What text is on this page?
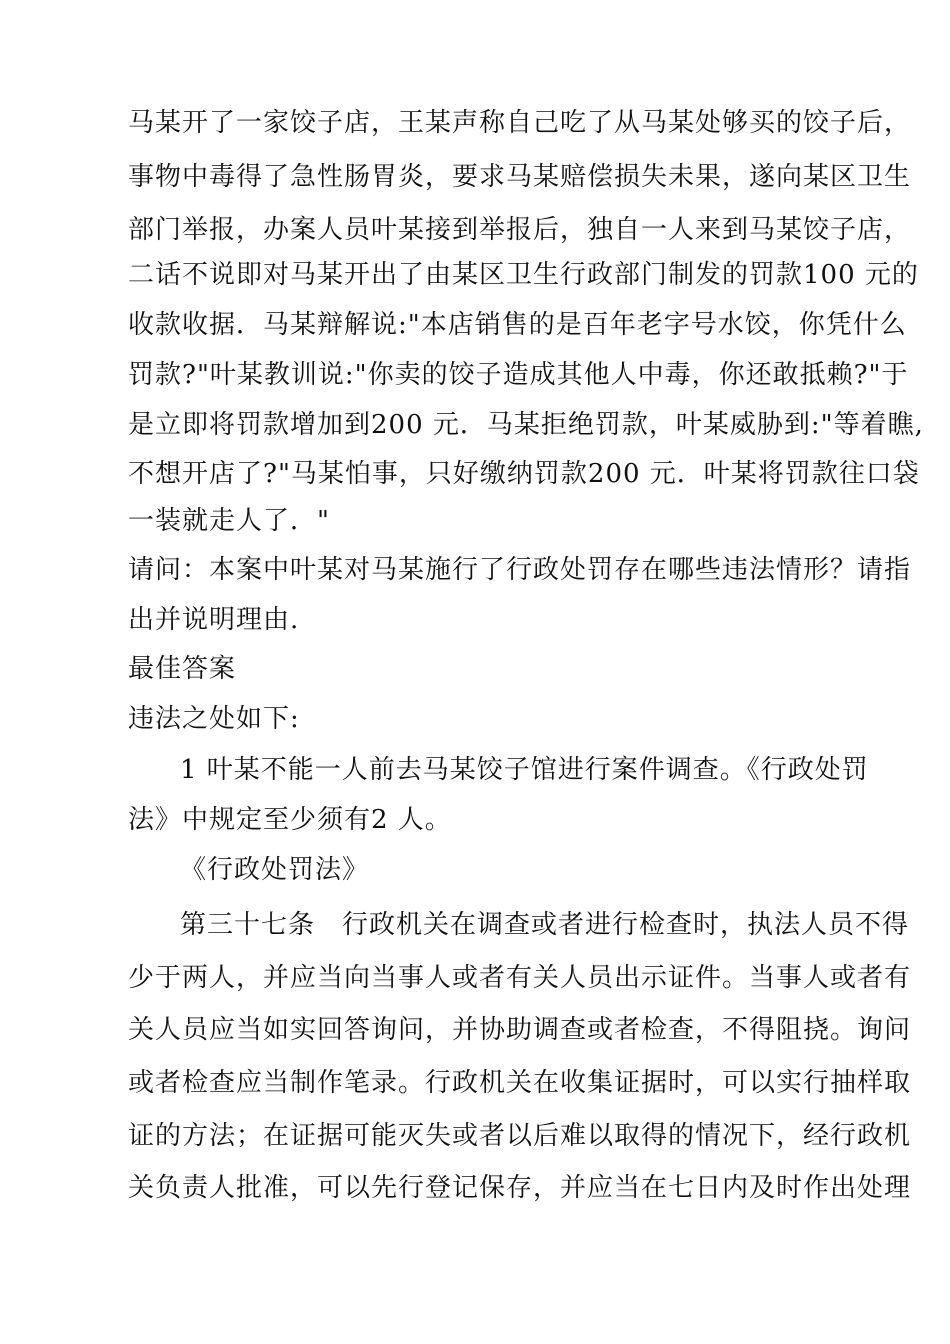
马某开了一家饺子店，王某声称自己吃了从马某处够买的饺子后，
事物中毒得了急性肠胃炎，要求马某赔偿损失未果，遂向某区卫生
部门举报，办案人员叶某接到举报后，独自一人来到马某饺子店，
二话不说即对马某开出了由某区卫生行政部门制发的罚款100 元的
收款收据．马某辩解说:"本店销售的是百年老字号水饺，你凭什么
罚款?"叶某教训说:"你卖的饺子造成其他人中毒，你还敢抵赖?"于
是立即将罚款增加到200 元．马某拒绝罚款，叶某威胁到:"等着瞧,
不想开店了?"马某怕事，只好缴纳罚款200 元．叶某将罚款往口袋
一装就走人了．"
请问：本案中叶某对马某施行了行政处罚存在哪些违法情形？请指
出并说明理由.
最佳答案
违法之处如下:
1 叶某不能一人前去马某饺子馆进行案件调查。《行政处罚
法》中规定至少须有2 人。
《行政处罚法》
第三十七条　行政机关在调查或者进行检查时，执法人员不得
少于两人，并应当向当事人或者有关人员出示证件。当事人或者有
关人员应当如实回答询问，并协助调查或者检查，不得阻挠。询问
或者检查应当制作笔录。行政机关在收集证据时，可以实行抽样取
证的方法；在证据可能灭失或者以后难以取得的情况下，经行政机
关负责人批准，可以先行登记保存，并应当在七日内及时作出处理
